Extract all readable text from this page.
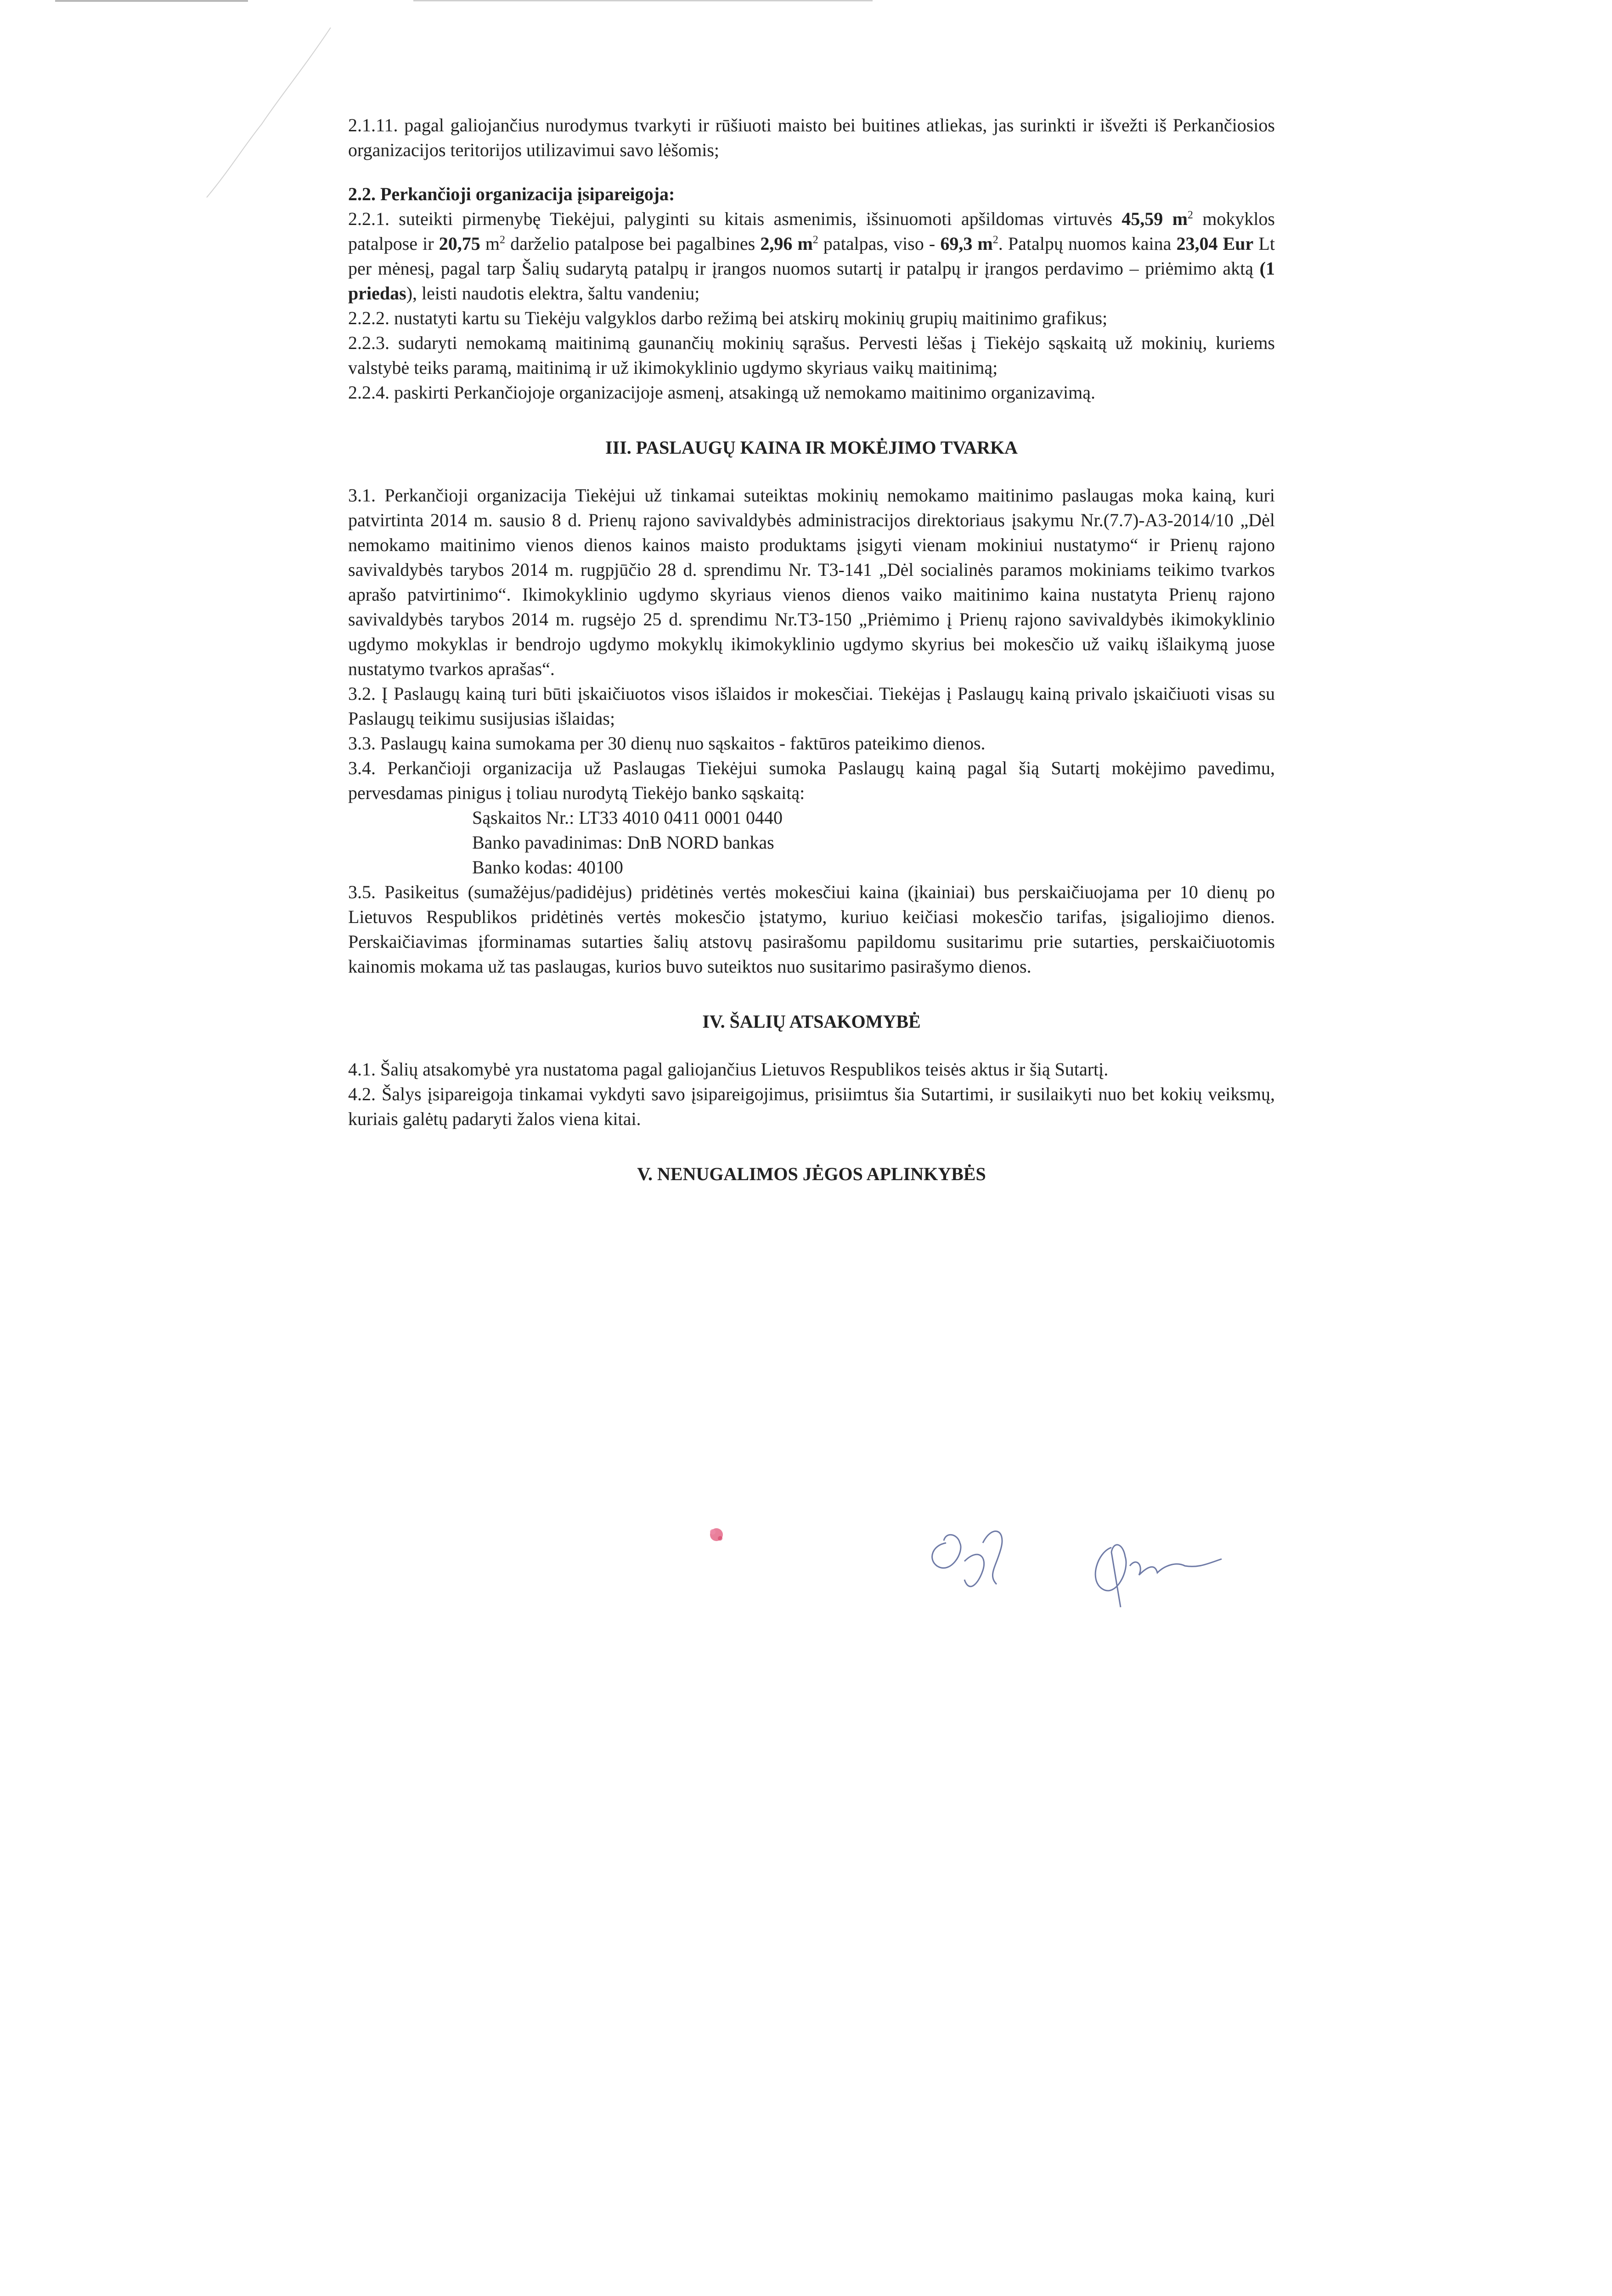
2.1.11. pagal galiojančius nurodymus tvarkyti ir rūšiuoti maisto bei buitines atliekas, jas surinkti ir išvežti iš Perkančiosios organizacijos teritorijos utilizavimui savo lėšomis;

2.2. Perkančioji organizacija įsipareigoja:

2.2.1. suteikti pirmenybę Tiekėjui, palyginti su kitais asmenimis, išsinuomoti apšildomas virtuvės 45,59 $m^2$ mokyklos patalpose ir 20,75 $m^2$ darželio patalpose bei pagalbines 2,96 $m^2$ patalpas, viso - 69,3 $m^2$. Patalpų nuomos kaina 23,04 Eur Lt per mėnesį, pagal tarp Šalių sudarytą patalpų ir įrangos nuomos sutartį ir patalpų ir įrangos perdavimo – priėmimo aktą (1 priedas), leisti naudotis elektra, šaltu vandeniu;

2.2.2. nustatyti kartu su Tiekėju valgyklos darbo režimą bei atskirų mokinių grupių maitinimo grafikus;

2.2.3. sudaryti nemokamą maitinimą gaunančių mokinių sąrašus. Pervesti lėšas į Tiekėjo sąskaitą už mokinių, kuriems valstybė teiks paramą, maitinimą ir už ikimokyklinio ugdymo skyriaus vaikų maitinimą;

2.2.4. paskirti Perkančiojoje organizacijoje asmenį, atsakingą už nemokamo maitinimo organizavimą.

III. PASLAUGŲ KAINA IR MOKĖJIMO TVARKA

3.1. Perkančioji organizacija Tiekėjui už tinkamai suteiktas mokinių nemokamo maitinimo paslaugas moka kainą, kuri patvirtinta 2014 m. sausio 8 d. Prienų rajono savivaldybės administracijos direktoriaus įsakymu Nr.(7.7)-A3-2014/10 „Dėl nemokamo maitinimo vienos dienos kainos maisto produktams įsigyti vienam mokiniui nustatymo“ ir Prienų rajono savivaldybės tarybos 2014 m. rugpjūčio 28 d. sprendimu Nr. T3-141 „Dėl socialinės paramos mokiniams teikimo tvarkos aprašo patvirtinimo“. Ikimokyklinio ugdymo skyriaus vienos dienos vaiko maitinimo kaina nustatyta Prienų rajono savivaldybės tarybos 2014 m. rugsėjo 25 d. sprendimu Nr.T3-150 „Priėmimo į Prienų rajono savivaldybės ikimokyklinio ugdymo mokyklas ir bendrojo ugdymo mokyklų ikimokyklinio ugdymo skyrius bei mokesčio už vaikų išlaikymą juose nustatymo tvarkos aprašas“.

3.2. Į Paslaugų kainą turi būti įskaičiuotos visos išlaidos ir mokesčiai. Tiekėjas į Paslaugų kainą privalo įskaičiuoti visas su Paslaugų teikimu susijusias išlaidas;

3.3. Paslaugų kaina sumokama per 30 dienų nuo sąskaitos - faktūros pateikimo dienos.

3.4. Perkančioji organizacija už Paslaugas Tiekėjui sumoka Paslaugų kainą pagal šią Sutartį mokėjimo pavedimu, pervesdamas pinigus į toliau nurodytą Tiekėjo banko sąskaitą:

Sąskaitos Nr.: LT33 4010 0411 0001 0440

Banko pavadinimas: DnB NORD bankas

Banko kodas: 40100

3.5. Pasikeitus (sumažėjus/padidėjus) pridėtinės vertės mokesčiui kaina (įkainiai) bus perskaičiuojama per 10 dienų po Lietuvos Respublikos pridėtinės vertės mokesčio įstatymo, kuriuo keičiasi mokesčio tarifas, įsigaliojimo dienos. Perskaičiavimas įforminamas sutarties šalių atstovų pasirašomu papildomu susitarimu prie sutarties, perskaičiuotomis kainomis mokama už tas paslaugas, kurios buvo suteiktos nuo susitarimo pasirašymo dienos.

IV. ŠALIŲ ATSAKOMYBĖ

4.1. Šalių atsakomybė yra nustatoma pagal galiojančius Lietuvos Respublikos teisės aktus ir šią Sutartį.

4.2. Šalys įsipareigoja tinkamai vykdyti savo įsipareigojimus, prisiimtus šia Sutartimi, ir susilaikyti nuo bet kokių veiksmų, kuriais galėtų padaryti žalos viena kitai.

V. NENUGALIMOS JĖGOS APLINKYBĖS
